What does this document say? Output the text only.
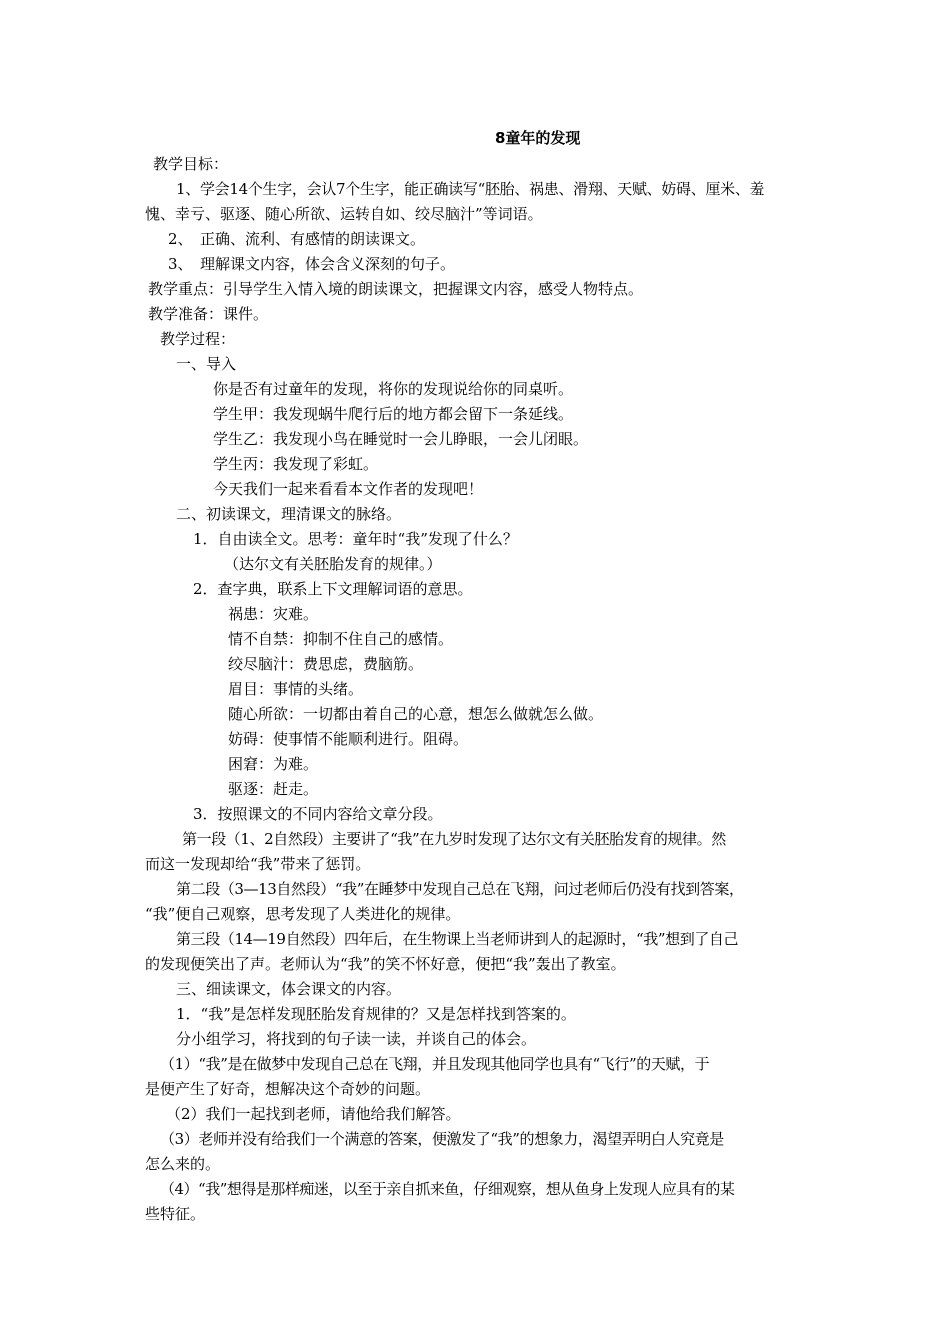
8童年的发现
教学目标：
1、学会14个生字，会认7个生字，能正确读写“胚胎、祸患、滑翔、天赋、妨碍、厘米、羞
愧、幸亏、驱逐、随心所欲、运转自如、绞尽脑汁”等词语。
2、　正确、流利、有感情的朗读课文。
3、　理解课文内容，体会含义深刻的句子。
教学重点：引导学生入情入境的朗读课文，把握课文内容，感受人物特点。
教学准备：课件。
教学过程：
一、导入
你是否有过童年的发现，将你的发现说给你的同桌听。
学生甲：我发现蜗牛爬行后的地方都会留下一条延线。
学生乙：我发现小鸟在睡觉时一会儿睁眼，一会儿闭眼。
学生丙：我发现了彩虹。
今天我们一起来看看本文作者的发现吧！
二、初读课文，理清课文的脉络。
1．自由读全文。思考：童年时“我”发现了什么？
（达尔文有关胚胎发育的规律。）
2．查字典，联系上下文理解词语的意思。
祸患：灾难。
情不自禁：抑制不住自己的感情。
绞尽脑汁：费思虑，费脑筋。
眉目：事情的头绪。
随心所欲：一切都由着自己的心意，想怎么做就怎么做。
妨碍：使事情不能顺利进行。阻碍。
困窘：为难。
驱逐：赶走。
3．按照课文的不同内容给文章分段。
第一段（1、2自然段）主要讲了“我”在九岁时发现了达尔文有关胚胎发育的规律。然
而这一发现却给“我”带来了惩罚。
第二段（3—13自然段）“我”在睡梦中发现自己总在飞翔，问过老师后仍没有找到答案，
“我”便自己观察，思考发现了人类进化的规律。
第三段（14—19自然段）四年后，在生物课上当老师讲到人的起源时，“我”想到了自己
的发现便笑出了声。老师认为“我”的笑不怀好意，便把“我”轰出了教室。
三、细读课文，体会课文的内容。
1．“我”是怎样发现胚胎发育规律的？又是怎样找到答案的。
分小组学习，将找到的句子读一读，并谈自己的体会。
（1）“我”是在做梦中发现自己总在飞翔，并且发现其他同学也具有“飞行”的天赋，于
是便产生了好奇，想解决这个奇妙的问题。
（2）我们一起找到老师，请他给我们解答。
（3）老师并没有给我们一个满意的答案，便激发了“我”的想象力，渴望弄明白人究竟是
怎么来的。
（4）“我”想得是那样痴迷，以至于亲自抓来鱼，仔细观察，想从鱼身上发现人应具有的某
些特征。
